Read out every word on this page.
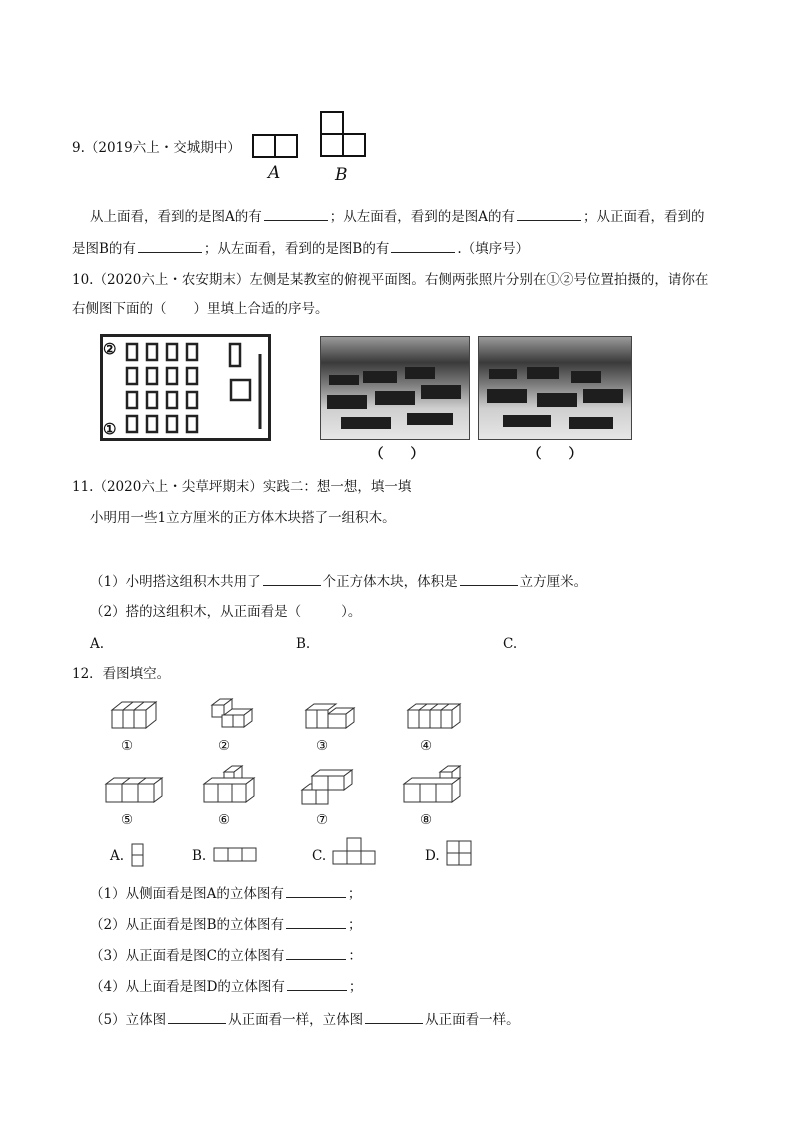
9.（2019六上・交城期中）
A	B
从上面看，看到的是图A的有	；从左面看，看到的是图A的有	；从正面看，看到的
是图B的有	；从左面看，看到的是图B的有	.（填序号）
10.（2020六上・农安期末）左侧是某教室的俯视平面图。右侧两张照片分别在①②号位置拍摄的，请你在
右侧图下面的（　　）里填上合适的序号。
②
①
（　　）	（　　）
11.（2020六上・尖草坪期末）实践二：想一想，填一填
小明用一些1立方厘米的正方体木块搭了一组积木。
（1）小明搭这组积木共用了	个正方体木块，体积是	立方厘米。
（2）搭的这组积木，从正面看是（	）。
A.	B.	C.
12．看图填空。
①	②	③	④
⑤	⑥	⑦	⑧
A.	B.	C.	D.
（1）从侧面看是图A的立体图有	；
（2）从正面看是图B的立体图有	；
（3）从正面看是图C的立体图有	：
（4）从上面看是图D的立体图有	；
（5）立体图	从正面看一样，立体图	从正面看一样。
